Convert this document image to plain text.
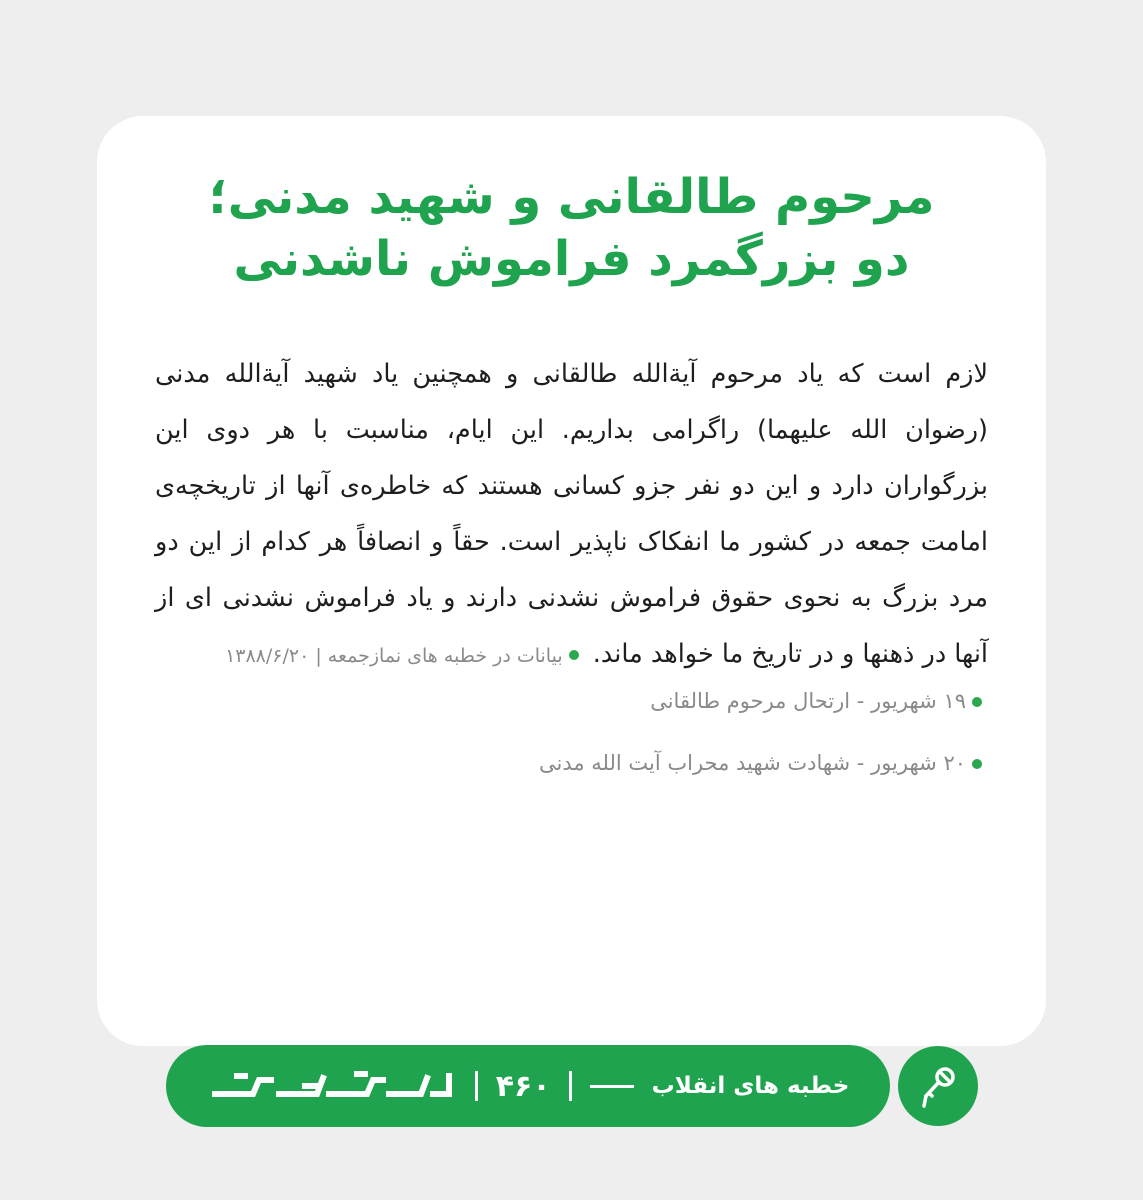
مرحوم طالقانی و شهید مدنی؛
دو بزرگمرد فراموش ناشدنی

لازم است که یاد مرحوم آیةالله طالقانی و همچنین یاد شهید آیةالله مدنی (رضوان الله علیهما) راگرامی بداریم. این ایام، مناسبت با هر دوی این بزرگواران دارد و این دو نفر جزو کسانی هستند که خاطره‌ی آنها از تاریخچه‌ی امامت جمعه در کشور ما انفکاک ناپذیر است. حقاً و انصافاً هر کدام از این دو مرد بزرگ به نحوی حقوق فراموش نشدنی دارند و یاد فراموش نشدنی ای از آنها در ذهنها و در تاریخ ما خواهد ماند. بیانات در خطبه های نمازجمعه | ۱۳۸۸/۶/۲۰

۱۹ شهریور - ارتحال مرحوم طالقانی
۲۰ شهریور - شهادت شهید محراب آیت الله مدنی
خطبه های انقلاب
۴۶۰
